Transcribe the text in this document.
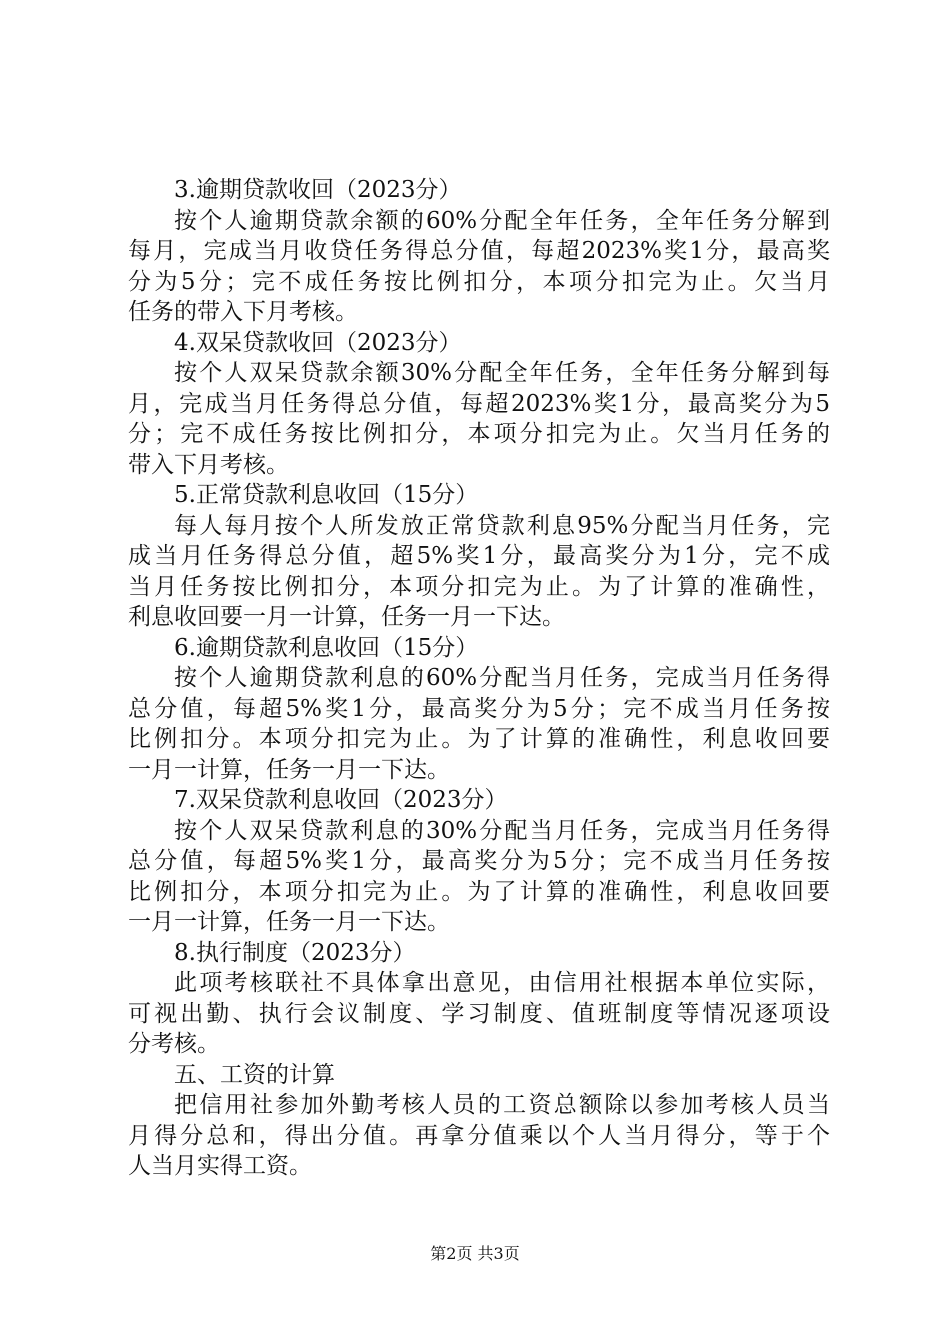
3.逾期贷款收回（2023分）
按个人逾期贷款余额的60%分配全年任务，全年任务分解到
每月，完成当月收贷任务得总分值，每超2023%奖1分，最高奖
分为5分；完不成任务按比例扣分，本项分扣完为止。欠当月
任务的带入下月考核。
4.双呆贷款收回（2023分）
按个人双呆贷款余额30%分配全年任务，全年任务分解到每
月，完成当月任务得总分值，每超2023%奖1分，最高奖分为5
分；完不成任务按比例扣分，本项分扣完为止。欠当月任务的
带入下月考核。
5.正常贷款利息收回（15分）
每人每月按个人所发放正常贷款利息95%分配当月任务，完
成当月任务得总分值，超5%奖1分，最高奖分为1分，完不成
当月任务按比例扣分，本项分扣完为止。为了计算的准确性，
利息收回要一月一计算，任务一月一下达。
6.逾期贷款利息收回（15分）
按个人逾期贷款利息的60%分配当月任务，完成当月任务得
总分值，每超5%奖1分，最高奖分为5分；完不成当月任务按
比例扣分。本项分扣完为止。为了计算的准确性，利息收回要
一月一计算，任务一月一下达。
7.双呆贷款利息收回（2023分）
按个人双呆贷款利息的30%分配当月任务，完成当月任务得
总分值，每超5%奖1分，最高奖分为5分；完不成当月任务按
比例扣分，本项分扣完为止。为了计算的准确性，利息收回要
一月一计算，任务一月一下达。
8.执行制度（2023分）
此项考核联社不具体拿出意见，由信用社根据本单位实际，
可视出勤、执行会议制度、学习制度、值班制度等情况逐项设
分考核。
五、工资的计算
把信用社参加外勤考核人员的工资总额除以参加考核人员当
月得分总和，得出分值。再拿分值乘以个人当月得分，等于个
人当月实得工资。
第2页 共3页
